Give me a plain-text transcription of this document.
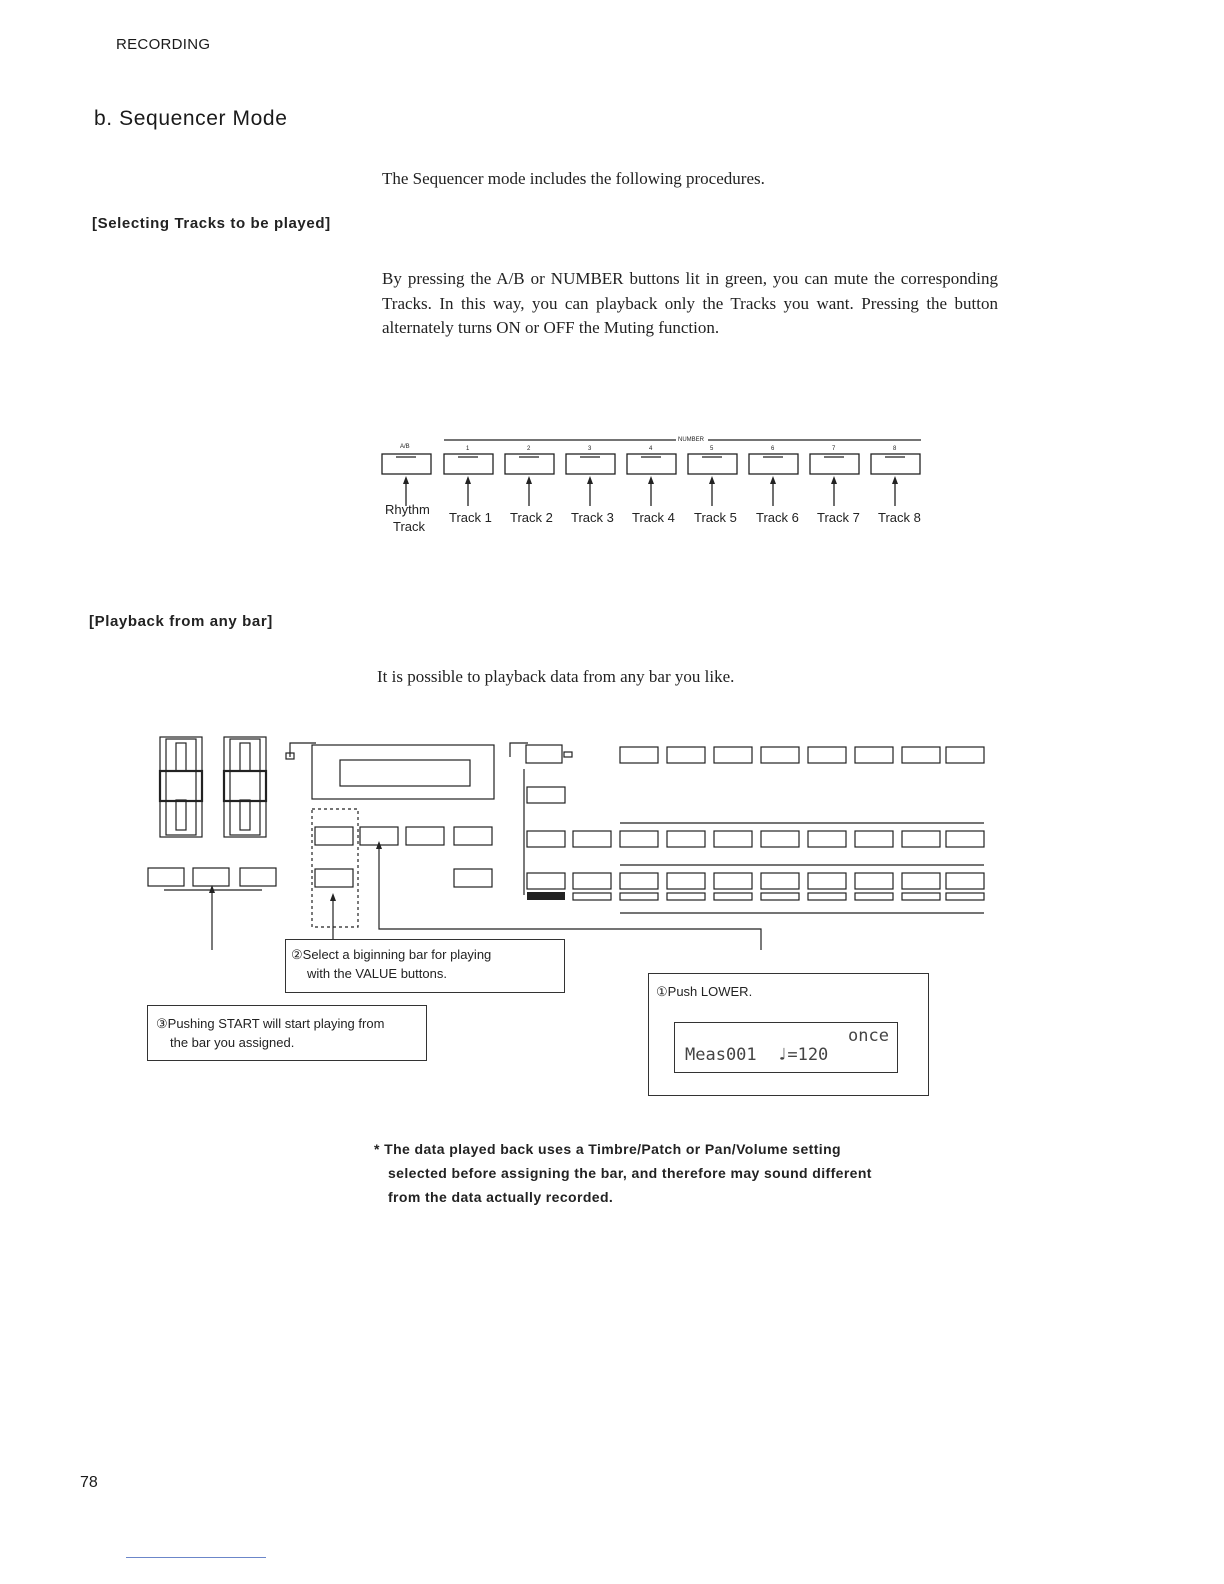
RECORDING
b. Sequencer Mode
The Sequencer mode includes the following procedures.
[Selecting Tracks to be played]
By pressing the A/B or NUMBER buttons lit in green, you can mute the corresponding Tracks. In this way, you can playback only the Tracks you want. Pressing the button alternately turns ON or OFF the Muting function.
A/B
NUMBER
1	2	3	4	5	6	7	8
Rhythm
Track
Track 1 Track 2 Track 3 Track 4 Track 5 Track 6 Track 7 Track 8
[Playback from any bar]
It is possible to playback data from any bar you like.
②Select a biginning bar for playing
with the VALUE buttons.
③Pushing START will start playing from
the bar you assigned.
①Push LOWER.
once
Meas001  ♩=120
* The data played back uses a Timbre/Patch or Pan/Volume setting
selected before assigning the bar, and therefore may sound different
from the data actually recorded.
78
